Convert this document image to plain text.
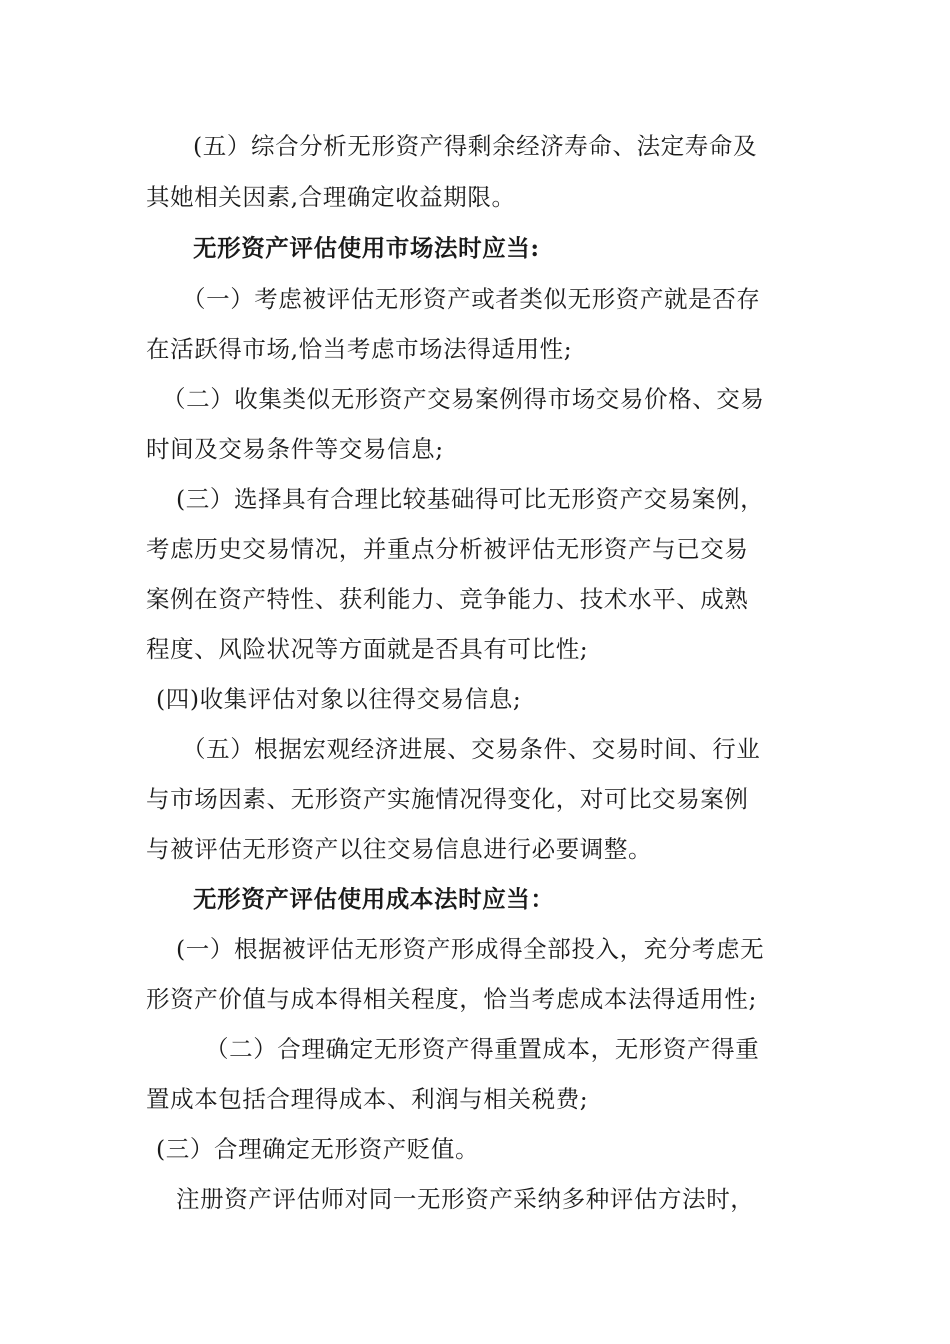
(五）综合分析无形资产得剩余经济寿命、法定寿命及
其她相关因素,合理确定收益期限。
无形资产评估使用市场法时应当:
（一）考虑被评估无形资产或者类似无形资产就是否存
在活跃得市场,恰当考虑市场法得适用性;
（二）收集类似无形资产交易案例得市场交易价格、交易
时间及交易条件等交易信息;
(三）选择具有合理比较基础得可比无形资产交易案例，
考虑历史交易情况，并重点分析被评估无形资产与已交易
案例在资产特性、获利能力、竞争能力、技术水平、成熟
程度、风险状况等方面就是否具有可比性;
(四)收集评估对象以往得交易信息;
（五）根据宏观经济进展、交易条件、交易时间、行业
与市场因素、无形资产实施情况得变化，对可比交易案例
与被评估无形资产以往交易信息进行必要调整。
无形资产评估使用成本法时应当：
(一）根据被评估无形资产形成得全部投入，充分考虑无
形资产价值与成本得相关程度，恰当考虑成本法得适用性;
（二）合理确定无形资产得重置成本，无形资产得重
置成本包括合理得成本、利润与相关税费;
(三）合理确定无形资产贬值。
注册资产评估师对同一无形资产采纳多种评估方法时，
